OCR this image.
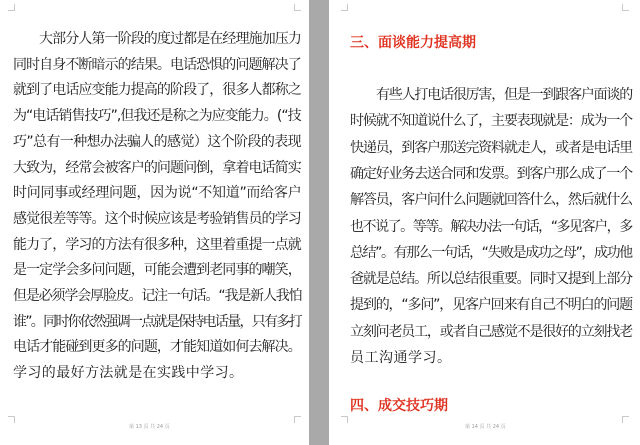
大部分人第一阶段的度过都是在经理施加压力
同时自身不断暗示的结果。电话恐惧的问题解决了
就到了电话应变能力提高的阶段了，很多人都称之
为“电话销售技巧”,但我还是称之为应变能力。(“技
巧”总有一种想办法骗人的感觉）这个阶段的表现
大致为，经常会被客户的问题问倒，拿着电话简实
时问同事或经理问题，因为说“不知道”而给客户
感觉很差等等。这个时候应该是考验销售员的学习
能力了，学习的方法有很多种，这里着重提一点就
是一定学会多问问题，可能会遭到老同事的嘲笑，
但是必须学会厚脸皮。记注一句话。“我是新人我怕
谁”。同时你依然强调一点就是保持电话量，只有多打
电话才能碰到更多的问题，才能知道如何去解决。
学习的最好方法就是在实践中学习。
第 13 页 共 24 页
三、面谈能力提高期
有些人打电话很厉害，但是一到跟客户面谈的
时候就不知道说什么了，主要表现就是：成为一个
快递员，到客户那送完资料就走人，或者是电话里
确定好业务去送合同和发票。到客户那么成了一个
解答员，客户问什么问题就回答什么，然后就什么
也不说了。等等。解决办法一句话，“多见客户，多
总结”。有那么一句话，“失败是成功之母”，成功他
爸就是总结。所以总结很重要。同时又提到上部分
提到的，“多问”，见客户回来有自己不明白的问题
立刻问老员工，或者自己感觉不是很好的立刻找老
员工沟通学习。
四、成交技巧期
第 14 页 共 24 页
